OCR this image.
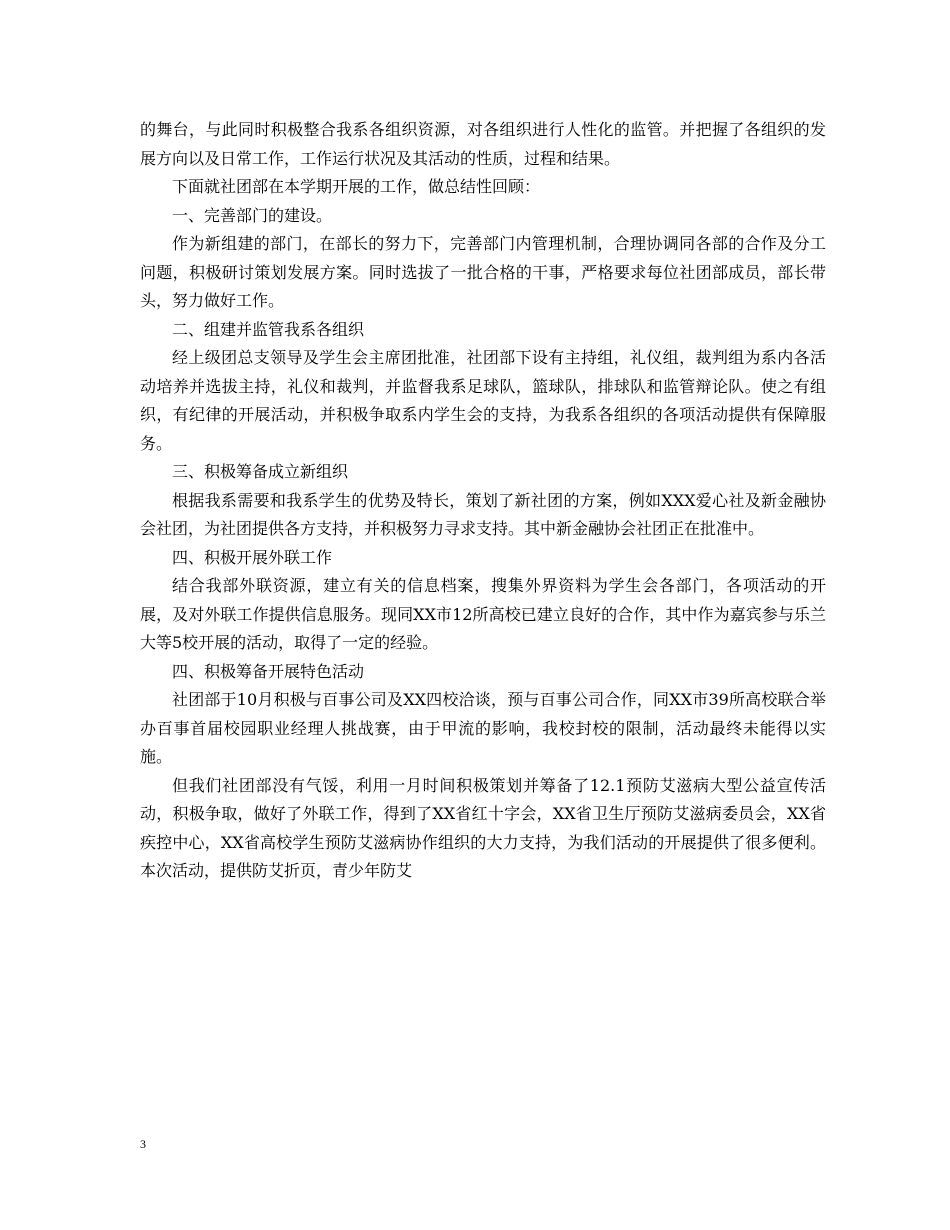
的舞台，与此同时积极整合我系各组织资源，对各组织进行人性化的监管。并把握了各组织的发展方向以及日常工作，工作运行状况及其活动的性质，过程和结果。

下面就社团部在本学期开展的工作，做总结性回顾：

一、完善部门的建设。

作为新组建的部门，在部长的努力下，完善部门内管理机制，合理协调同各部的合作及分工问题，积极研讨策划发展方案。同时选拔了一批合格的干事，严格要求每位社团部成员，部长带头，努力做好工作。

二、组建并监管我系各组织

经上级团总支领导及学生会主席团批准，社团部下设有主持组，礼仪组，裁判组为系内各活动培养并选拔主持，礼仪和裁判，并监督我系足球队，篮球队，排球队和监管辩论队。使之有组织，有纪律的开展活动，并积极争取系内学生会的支持，为我系各组织的各项活动提供有保障服务。

三、积极筹备成立新组织

根据我系需要和我系学生的优势及特长，策划了新社团的方案，例如XXX爱心社及新金融协会社团，为社团提供各方支持，并积极努力寻求支持。其中新金融协会社团正在批准中。

四、积极开展外联工作

结合我部外联资源，建立有关的信息档案，搜集外界资料为学生会各部门，各项活动的开展，及对外联工作提供信息服务。现同XX市12所高校已建立良好的合作，其中作为嘉宾参与乐兰大等5校开展的活动，取得了一定的经验。

四、积极筹备开展特色活动

社团部于10月积极与百事公司及XX四校洽谈，预与百事公司合作，同XX市39所高校联合举办百事首届校园职业经理人挑战赛，由于甲流的影响，我校封校的限制，活动最终未能得以实施。

但我们社团部没有气馁，利用一月时间积极策划并筹备了12.1预防艾滋病大型公益宣传活动，积极争取，做好了外联工作，得到了XX省红十字会，XX省卫生厅预防艾滋病委员会，XX省疾控中心，XX省高校学生预防艾滋病协作组织的大力支持，为我们活动的开展提供了很多便利。本次活动，提供防艾折页，青少年防艾

3
